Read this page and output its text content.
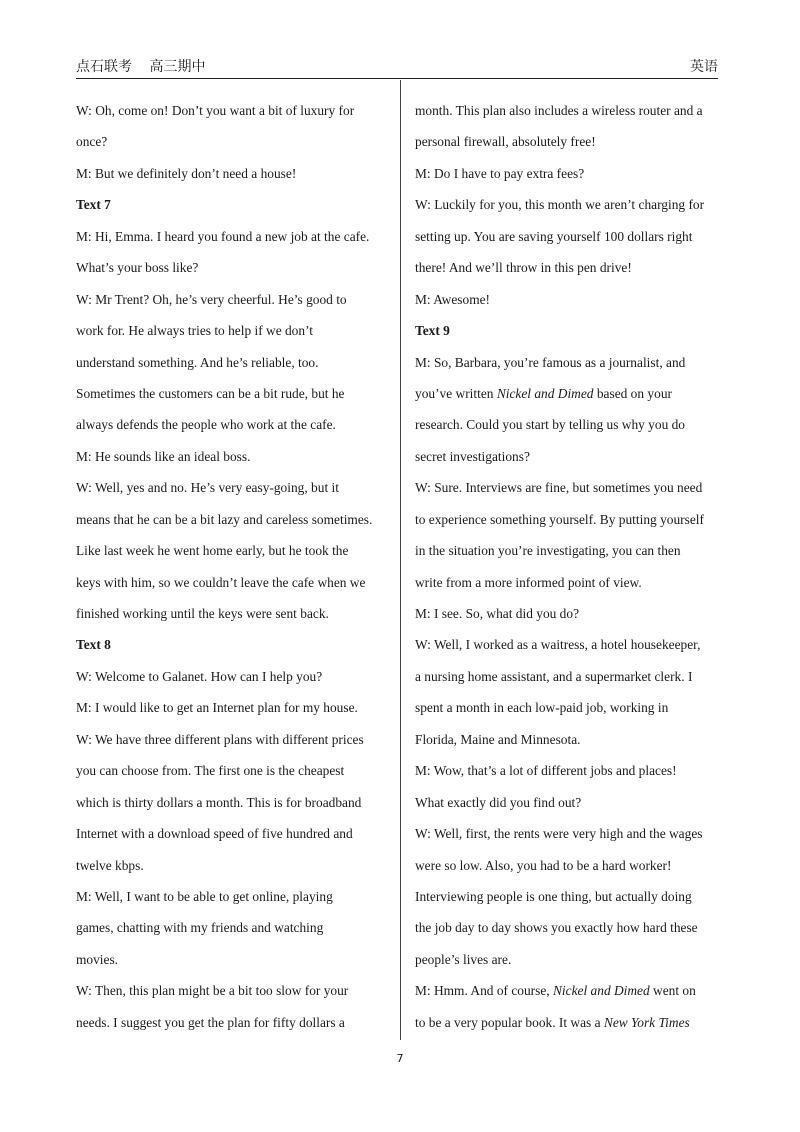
点石联考 高三期中	英语
W: Oh, come on! Don’t you want a bit of luxury for
once?
M: But we definitely don’t need a house!
Text 7
M: Hi, Emma. I heard you found a new job at the cafe.
What’s your boss like?
W: Mr Trent? Oh, he’s very cheerful. He’s good to
work for. He always tries to help if we don’t
understand something. And he’s reliable, too.
Sometimes the customers can be a bit rude, but he
always defends the people who work at the cafe.
M: He sounds like an ideal boss.
W: Well, yes and no. He’s very easy-going, but it
means that he can be a bit lazy and careless sometimes.
Like last week he went home early, but he took the
keys with him, so we couldn’t leave the cafe when we
finished working until the keys were sent back.
Text 8
W: Welcome to Galanet. How can I help you?
M: I would like to get an Internet plan for my house.
W: We have three different plans with different prices
you can choose from. The first one is the cheapest
which is thirty dollars a month. This is for broadband
Internet with a download speed of five hundred and
twelve kbps.
M: Well, I want to be able to get online, playing
games, chatting with my friends and watching
movies.
W: Then, this plan might be a bit too slow for your
needs. I suggest you get the plan for fifty dollars a
month. This plan also includes a wireless router and a
personal firewall, absolutely free!
M: Do I have to pay extra fees?
W: Luckily for you, this month we aren’t charging for
setting up. You are saving yourself 100 dollars right
there! And we’ll throw in this pen drive!
M: Awesome!
Text 9
M: So, Barbara, you’re famous as a journalist, and
you’ve written Nickel and Dimed based on your
research. Could you start by telling us why you do
secret investigations?
W: Sure. Interviews are fine, but sometimes you need
to experience something yourself. By putting yourself
in the situation you’re investigating, you can then
write from a more informed point of view.
M: I see. So, what did you do?
W: Well, I worked as a waitress, a hotel housekeeper,
a nursing home assistant, and a supermarket clerk. I
spent a month in each low-paid job, working in
Florida, Maine and Minnesota.
M: Wow, that’s a lot of different jobs and places!
What exactly did you find out?
W: Well, first, the rents were very high and the wages
were so low. Also, you had to be a hard worker!
Interviewing people is one thing, but actually doing
the job day to day shows you exactly how hard these
people’s lives are.
M: Hmm. And of course, Nickel and Dimed went on
to be a very popular book. It was a New York Times
7
